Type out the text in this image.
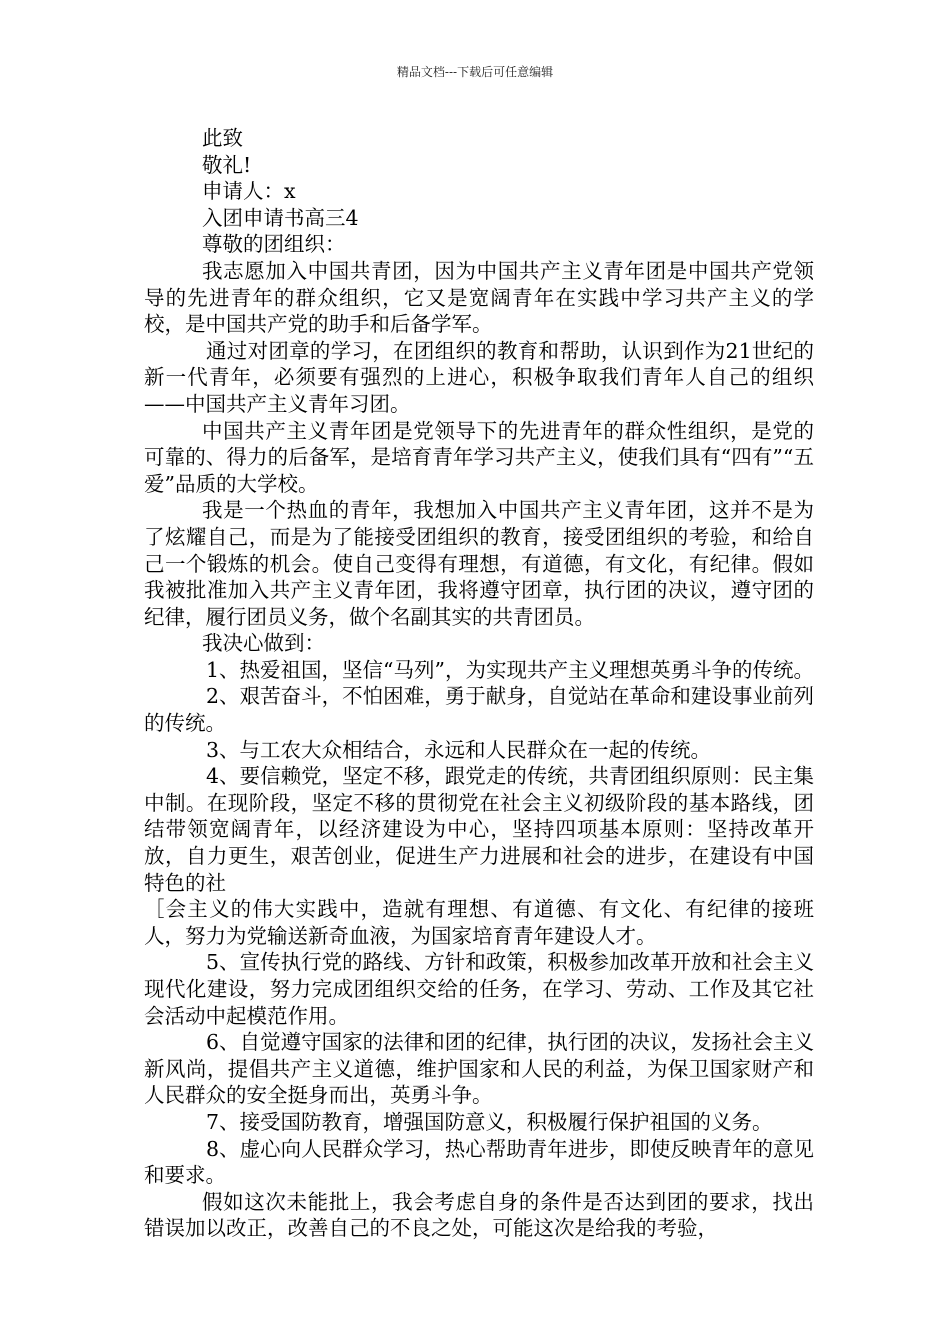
精品文档---下载后可任意编辑

此致

敬礼!

申请人：x

入团申请书高三4

尊敬的团组织：

我志愿加入中国共青团，因为中国共产主义青年团是中国共产党领导的先进青年的群众组织，它又是宽阔青年在实践中学习共产主义的学校，是中国共产党的助手和后备学军。

通过对团章的学习，在团组织的教育和帮助，认识到作为21世纪的新一代青年，必须要有强烈的上进心，积极争取我们青年人自己的组织——中国共产主义青年习团。

中国共产主义青年团是党领导下的先进青年的群众性组织，是党的可靠的、得力的后备军，是培育青年学习共产主义，使我们具有“四有”“五爱”品质的大学校。

我是一个热血的青年，我想加入中国共产主义青年团，这并不是为了炫耀自己，而是为了能接受团组织的教育，接受团组织的考验，和给自己一个锻炼的机会。使自己变得有理想，有道德，有文化，有纪律。假如我被批准加入共产主义青年团，我将遵守团章，执行团的决议，遵守团的纪律，履行团员义务，做个名副其实的共青团员。

我决心做到：

1、热爱祖国，坚信“马列”，为实现共产主义理想英勇斗争的传统。

2、艰苦奋斗，不怕困难，勇于献身，自觉站在革命和建设事业前列的传统。

3、与工农大众相结合，永远和人民群众在一起的传统。

4、要信赖党，坚定不移，跟党走的传统，共青团组织原则：民主集中制。在现阶段，坚定不移的贯彻党在社会主义初级阶段的基本路线，团结带领宽阔青年，以经济建设为中心，坚持四项基本原则：坚持改革开放，自力更生，艰苦创业，促进生产力进展和社会的进步，在建设有中国特色的社

［会主义的伟大实践中，造就有理想、有道德、有文化、有纪律的接班人，努力为党输送新奇血液，为国家培育青年建设人才。

5、宣传执行党的路线、方针和政策，积极参加改革开放和社会主义现代化建设，努力完成团组织交给的任务，在学习、劳动、工作及其它社会活动中起模范作用。

6、自觉遵守国家的法律和团的纪律，执行团的决议，发扬社会主义新风尚，提倡共产主义道德，维护国家和人民的利益，为保卫国家财产和人民群众的安全挺身而出，英勇斗争。

7、接受国防教育，增强国防意义，积极履行保护祖国的义务。

8、虚心向人民群众学习，热心帮助青年进步，即使反映青年的意见和要求。

假如这次未能批上，我会考虑自身的条件是否达到团的要求，找出错误加以改正，改善自己的不良之处，可能这次是给我的考验，
